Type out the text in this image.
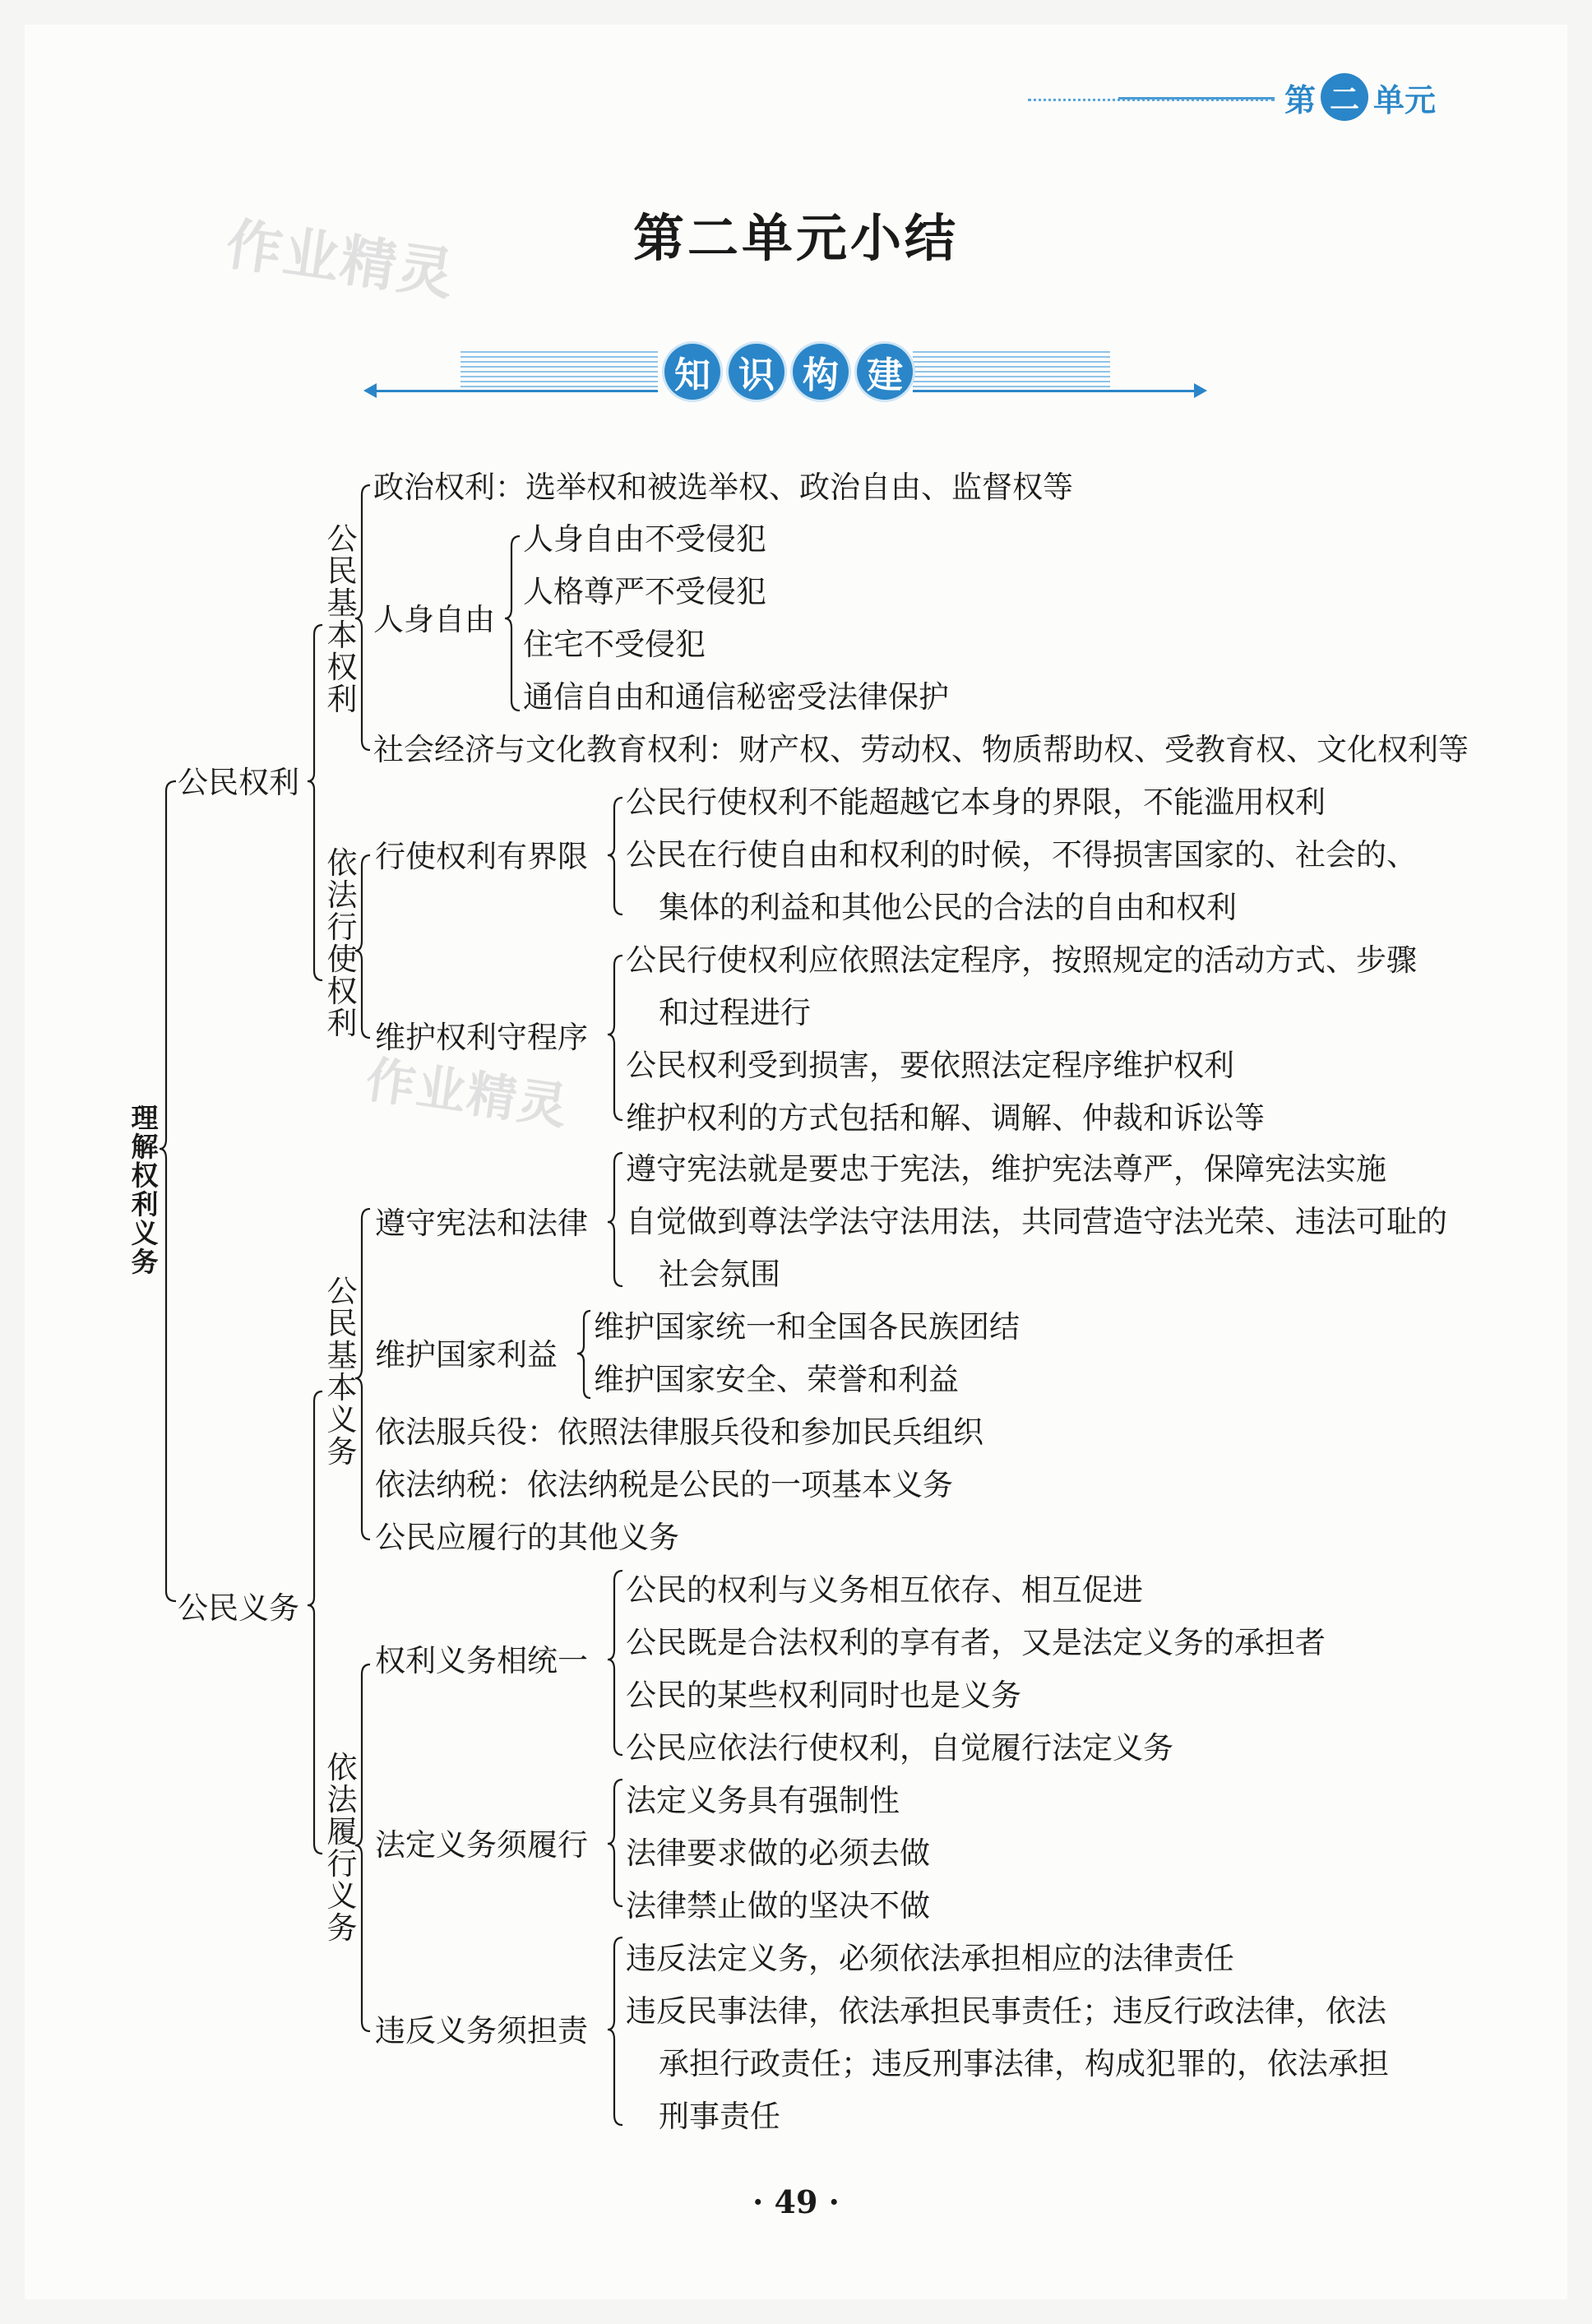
第 二 单元
作业精灵
作业精灵
第二单元小结
知 识 构 建
理解权利义务
公民权利
公民基本权利
政治权利：选举权和被选举权、政治自由、监督权等
人身自由
人身自由不受侵犯
人格尊严不受侵犯
住宅不受侵犯
通信自由和通信秘密受法律保护
社会经济与文化教育权利：财产权、劳动权、物质帮助权、受教育权、文化权利等
依法行使权利
行使权利有界限
公民行使权利不能超越它本身的界限，不能滥用权利
公民在行使自由和权利的时候，不得损害国家的、社会的、
集体的利益和其他公民的合法的自由和权利
维护权利守程序
公民行使权利应依照法定程序，按照规定的活动方式、步骤
和过程进行
公民权利受到损害，要依照法定程序维护权利
维护权利的方式包括和解、调解、仲裁和诉讼等
公民义务
公民基本义务
遵守宪法和法律
遵守宪法就是要忠于宪法，维护宪法尊严，保障宪法实施
自觉做到尊法学法守法用法，共同营造守法光荣、违法可耻的
社会氛围
维护国家利益
维护国家统一和全国各民族团结
维护国家安全、荣誉和利益
依法服兵役：依照法律服兵役和参加民兵组织
依法纳税：依法纳税是公民的一项基本义务
公民应履行的其他义务
依法履行义务
权利义务相统一
公民的权利与义务相互依存、相互促进
公民既是合法权利的享有者，又是法定义务的承担者
公民的某些权利同时也是义务
公民应依法行使权利，自觉履行法定义务
法定义务须履行
法定义务具有强制性
法律要求做的必须去做
法律禁止做的坚决不做
违反义务须担责
违反法定义务，必须依法承担相应的法律责任
违反民事法律，依法承担民事责任；违反行政法律，依法
承担行政责任；违反刑事法律，构成犯罪的，依法承担
刑事责任
· 49 ·
